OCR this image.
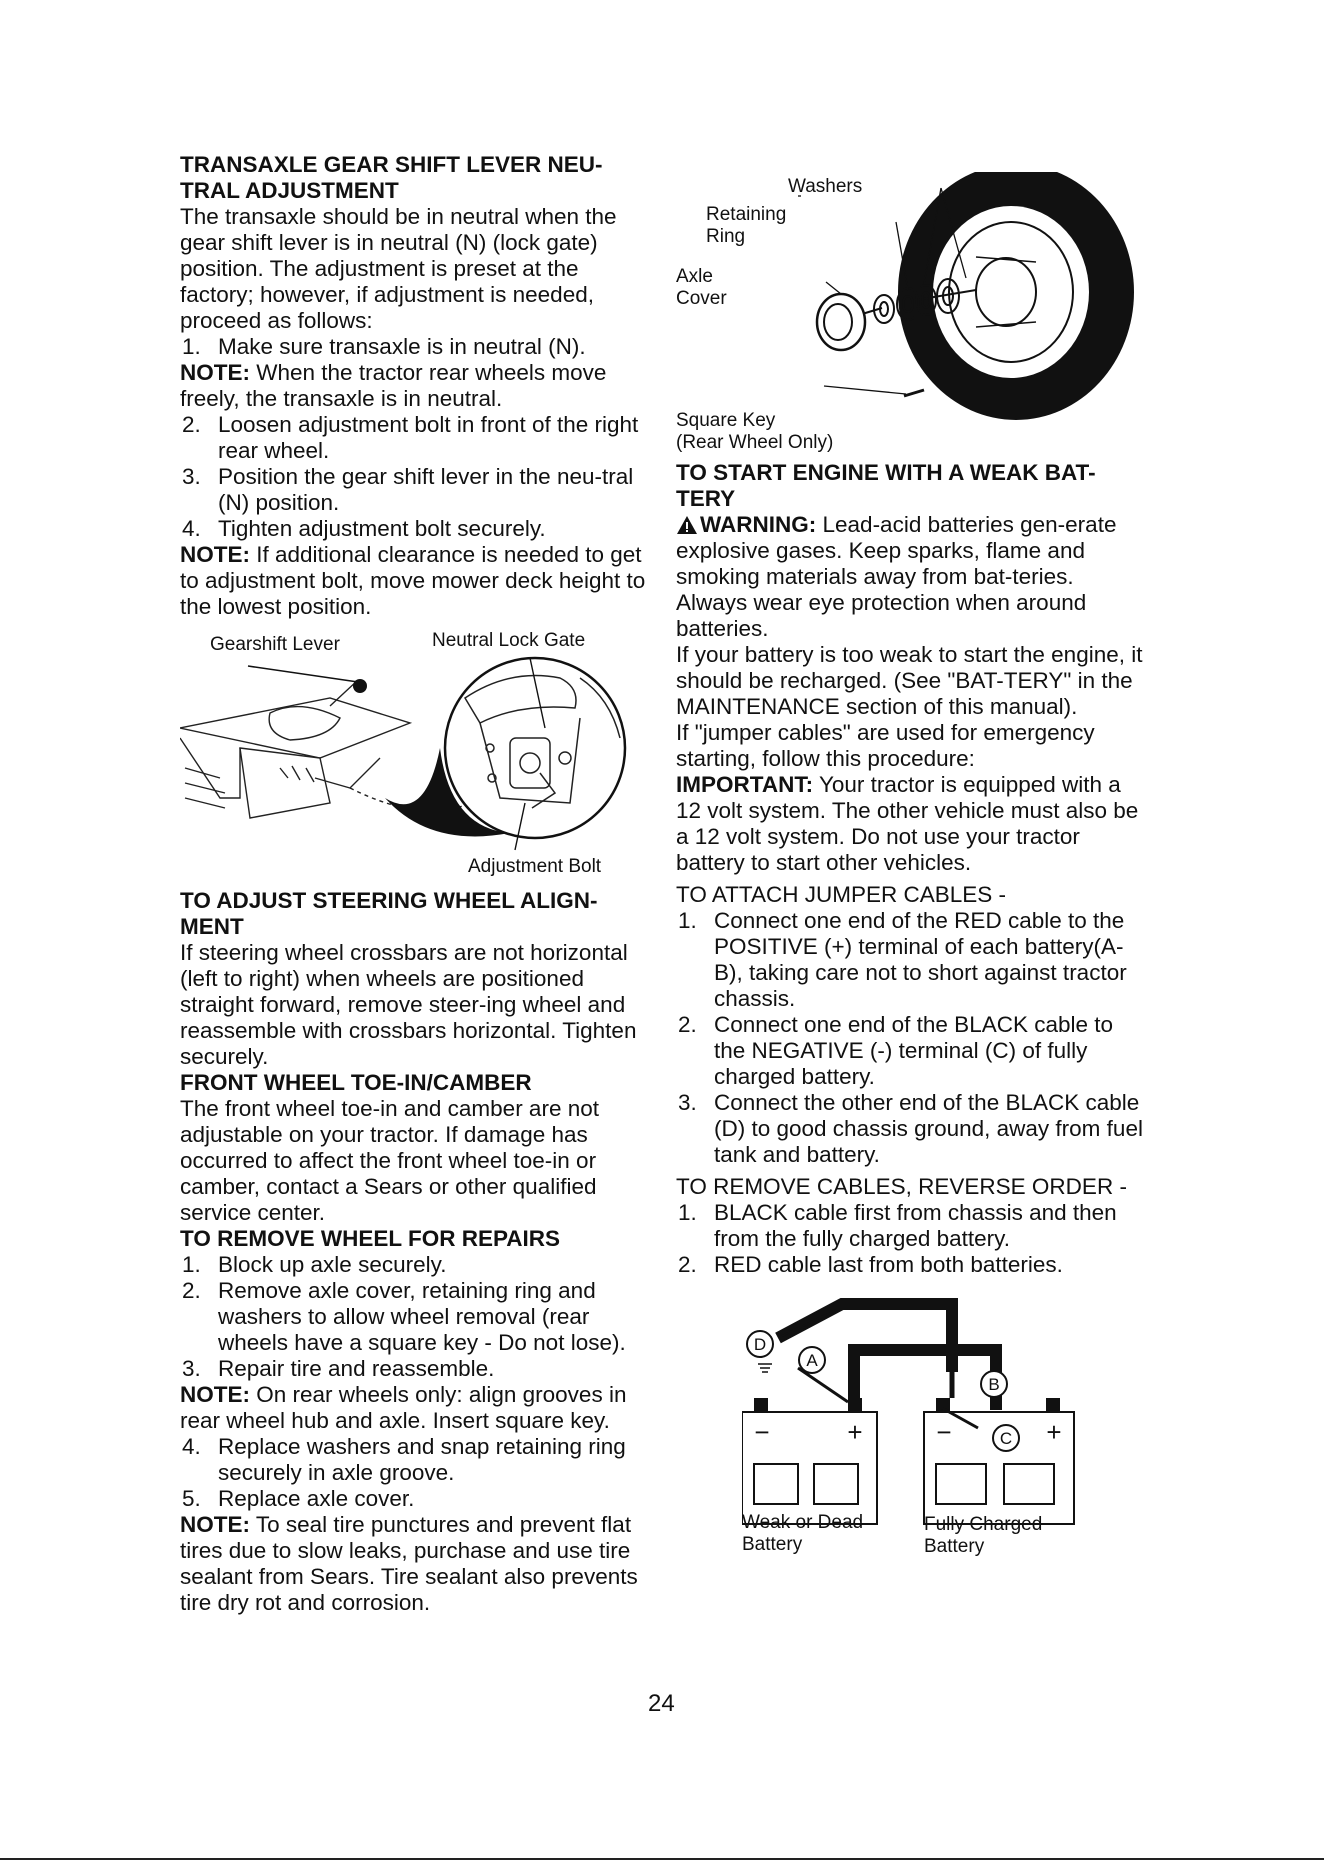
TRANSAXLE GEAR SHIFT LEVER NEU-TRAL ADJUSTMENT

The transaxle should be in neutral when the gear shift lever is in neutral (N) (lock gate) position. The adjustment is preset at the factory; however, if adjustment is needed, proceed as follows:

1. Make sure transaxle is in neutral (N).

NOTE: When the tractor rear wheels move freely, the transaxle is in neutral.

2. Loosen adjustment bolt in front of the right rear wheel.
3. Position the gear shift lever in the neu-tral (N) position.
4. Tighten adjustment bolt securely.

NOTE: If additional clearance is needed to get to adjustment bolt, move mower deck height to the lowest position.

Gearshift Lever	Neutral Lock Gate
Adjustment Bolt
TO ADJUST STEERING WHEEL ALIGN-MENT

If steering wheel crossbars are not horizontal (left to right) when wheels are positioned straight forward, remove steer-ing wheel and reassemble with crossbars horizontal. Tighten securely.

FRONT WHEEL TOE-IN/CAMBER

The front wheel toe-in and camber are not adjustable on your tractor. If damage has occurred to affect the front wheel toe-in or camber, contact a Sears or other qualified service center.

TO REMOVE WHEEL FOR REPAIRS
1. Block up axle securely.
2. Remove axle cover, retaining ring and washers to allow wheel removal (rear wheels have a square key - Do not lose).
3. Repair tire and reassemble.

NOTE: On rear wheels only: align grooves in rear wheel hub and axle. Insert square key.

4. Replace washers and snap retaining ring securely in axle groove.
5. Replace axle cover.

NOTE: To seal tire punctures and prevent flat tires due to slow leaks, purchase and use tire sealant from Sears. Tire sealant also prevents tire dry rot and corrosion.

Washers
Retaining Ring
Axle Cover
Square Key
(Rear Wheel Only)
TO START ENGINE WITH A WEAK BAT-TERY

WARNING: Lead-acid batteries gen-erate explosive gases. Keep sparks, flame and smoking materials away from bat-teries. Always wear eye protection when around batteries.

If your battery is too weak to start the engine, it should be recharged. (See "BAT-TERY" in the MAINTENANCE section of this manual).

If "jumper cables" are used for emergency starting, follow this procedure:

IMPORTANT: Your tractor is equipped with a 12 volt system. The other vehicle must also be a 12 volt system. Do not use your tractor battery to start other vehicles.

TO ATTACH JUMPER CABLES -

1. Connect one end of the RED cable to the POSITIVE (+) terminal of each battery(A-B), taking care not to short against tractor chassis.
2. Connect one end of the BLACK cable to the NEGATIVE (-) terminal (C) of fully charged battery.
3. Connect the other end of the BLACK cable (D) to good chassis ground, away from fuel tank and battery.

TO REMOVE CABLES, REVERSE ORDER -

1. BLACK cable first from chassis and then from the fully charged battery.
2. RED cable last from both batteries.
D
A
B
C
−	+	−	+
Weak or Dead
Battery
Fully Charged
Battery
24
